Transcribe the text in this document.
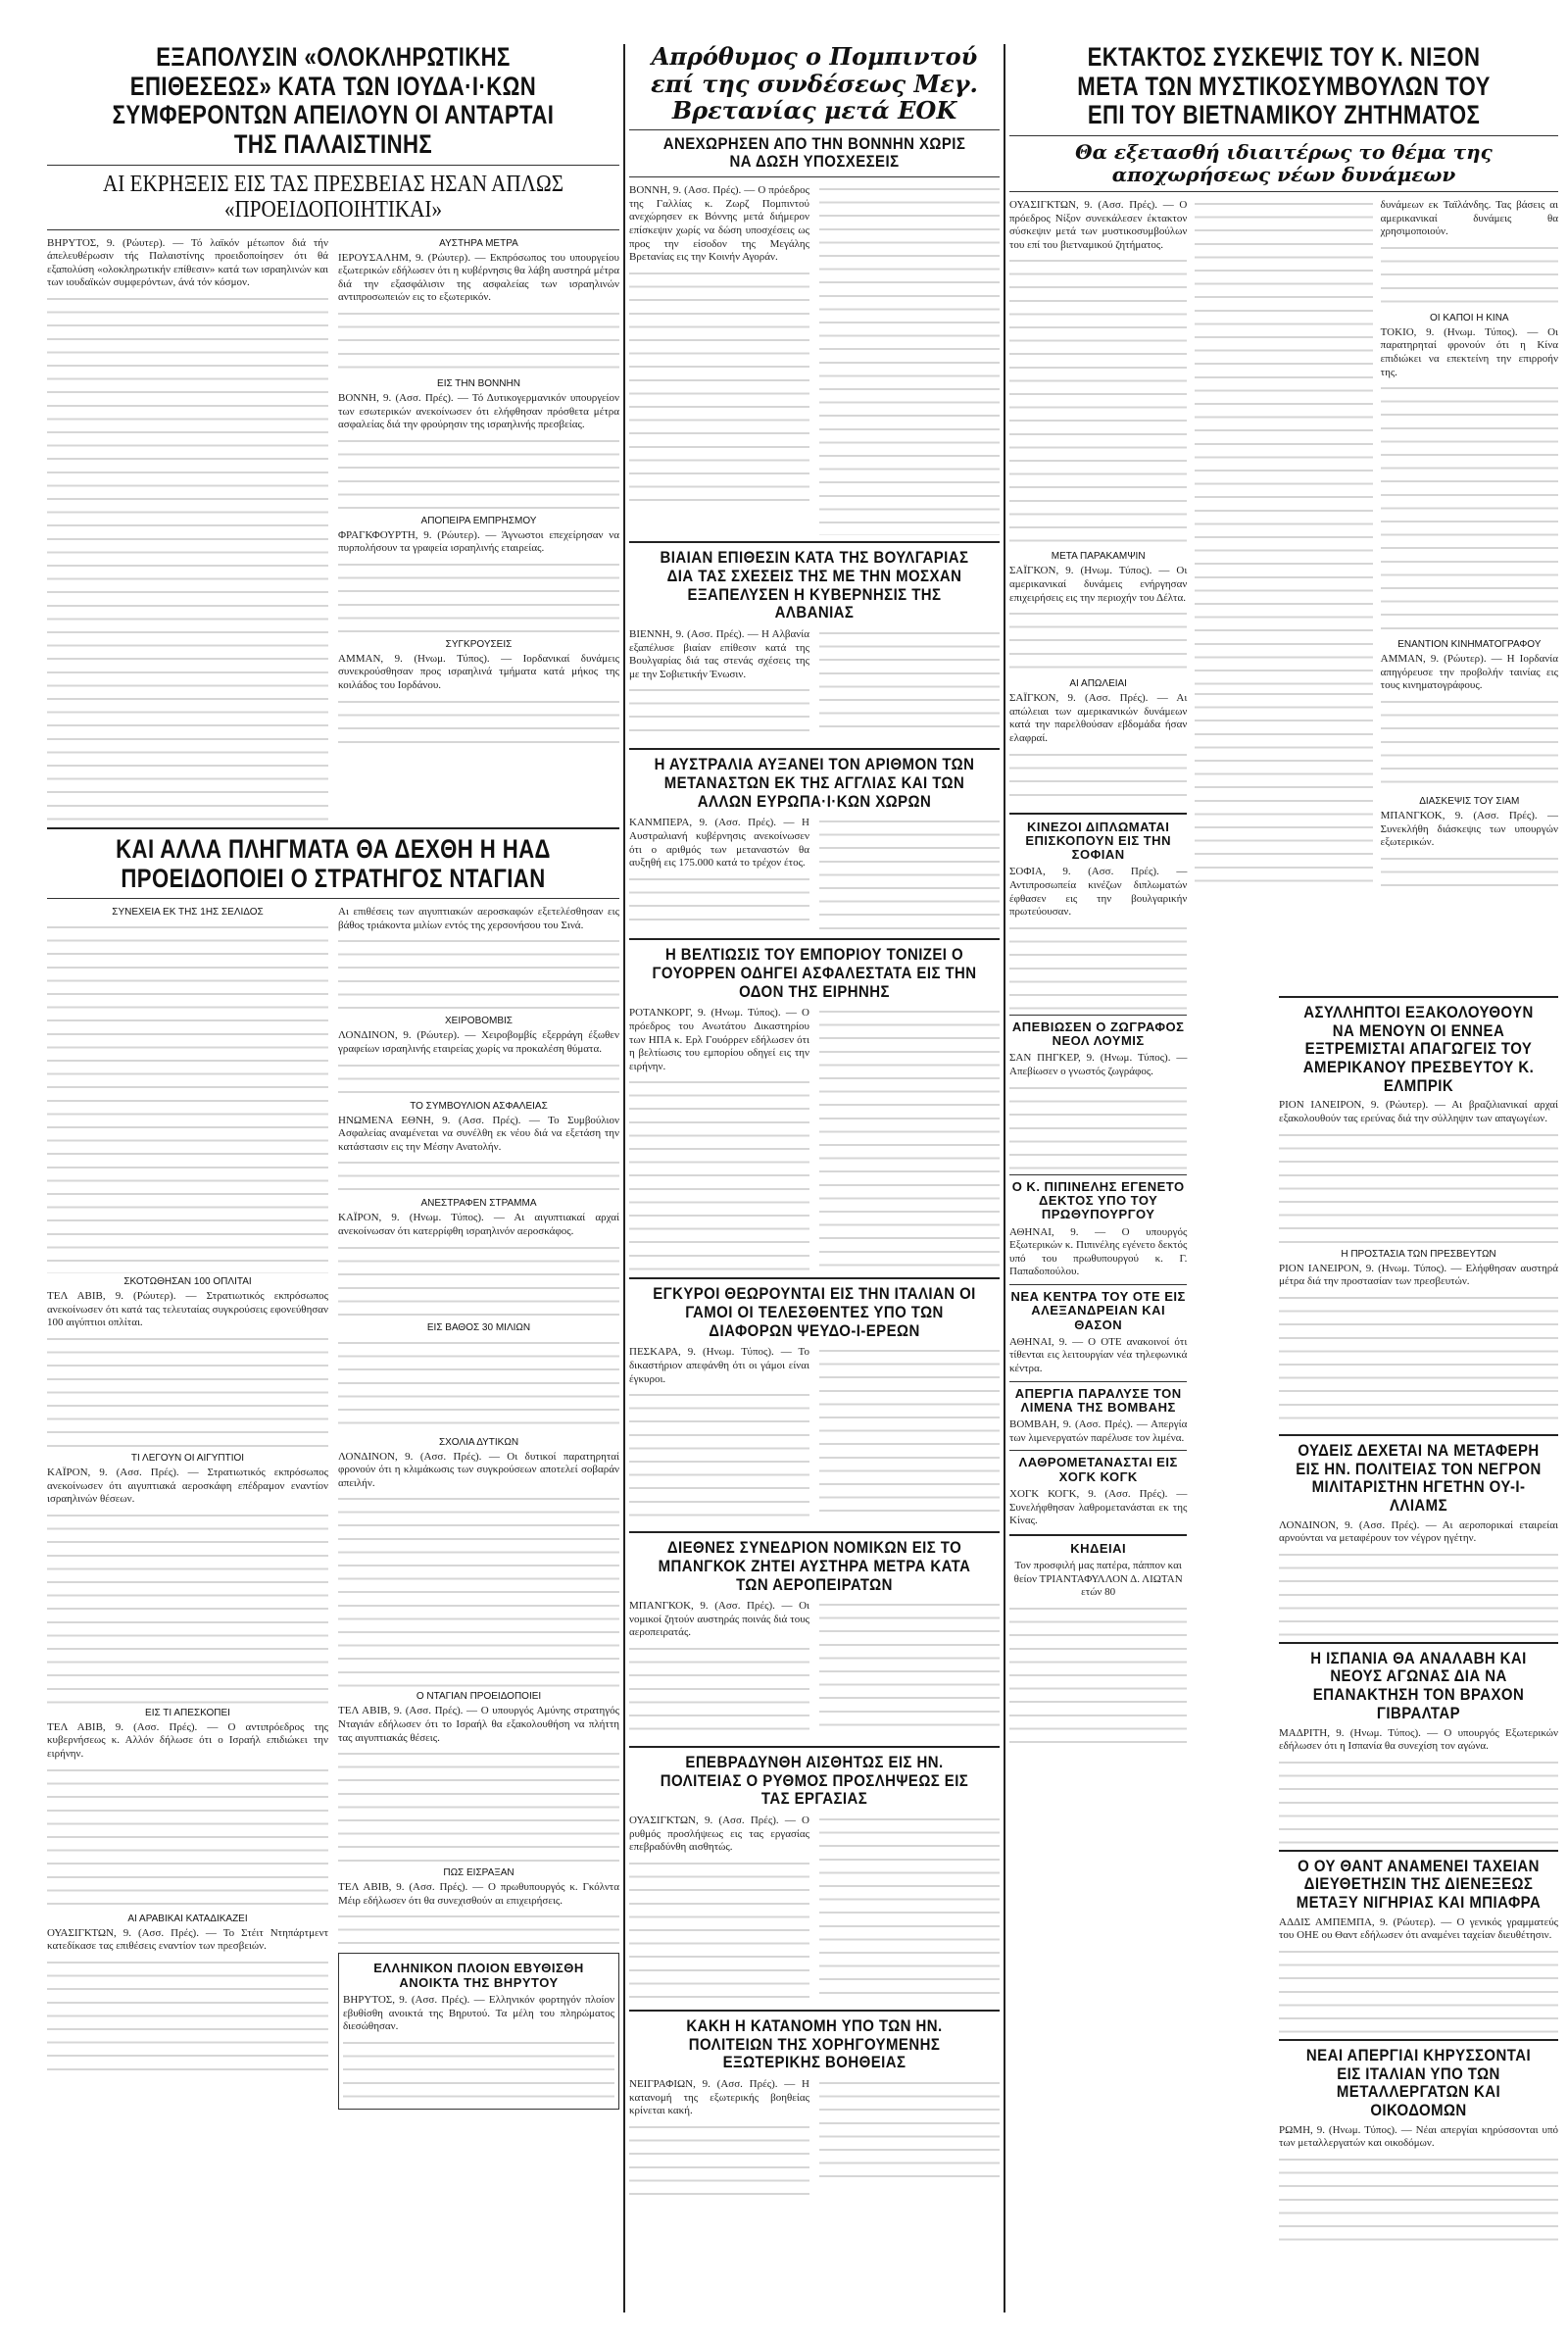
ΕΞΑΠΟΛΥΣΙΝ «ΟΛΟΚΛΗΡΩΤΙΚΗΣ ΕΠΙΘΕΣΕΩΣ» ΚΑΤΑ ΤΩΝ ΙΟΥΔΑ·Ι·ΚΩΝ ΣΥΜΦΕΡΟΝΤΩΝ ΑΠΕΙΛΟΥΝ ΟΙ ΑΝΤΑΡΤΑΙ ΤΗΣ ΠΑΛΑΙΣΤΙΝΗΣ
ΑΙ ΕΚΡΗΞΕΙΣ ΕΙΣ ΤΑΣ ΠΡΕΣΒΕΙΑΣ ΗΣΑΝ ΑΠΛΩΣ «ΠΡΟΕΙΔΟΠΟΙΗΤΙΚΑΙ»
ΒΗΡΥΤΟΣ, 9. (Ρώυτερ). — Τό λαϊκόν μέτωπον διά τήν άπελευθέρωσιν τής Παλαιστίνης προειδοποίησεν ότι θά εξαπολύση «ολοκληρωτικήν επίθεσιν» κατά των ισραηλινών και των ιουδαϊκών συμφερόντων, άνά τόν κόσμον.
ΑΥΣΤΗΡΑ ΜΕΤΡΑ
ΙΕΡΟΥΣΑΛΗΜ, 9. (Ρώυτερ). — Εκπρόσωπος του υπουργείου εξωτερικών εδήλωσεν ότι η κυβέρνησις θα λάβη αυστηρά μέτρα διά την εξασφάλισιν της ασφαλείας των ισραηλινών αντιπροσωπειών εις το εξωτερικόν.
ΕΙΣ ΤΗΝ ΒΟΝΝΗΝ
ΒΟΝΝΗ, 9. (Ασσ. Πρές). — Τό Δυτικογερμανικόν υπουργείον των εσωτερικών ανεκοίνωσεν ότι ελήφθησαν πρόσθετα μέτρα ασφαλείας διά την φρούρησιν της ισραηλινής πρεσβείας.
ΑΠΟΠΕΙΡΑ ΕΜΠΡΗΣΜΟΥ
ΦΡΑΓΚΦΟΥΡΤΗ, 9. (Ρώυτερ). — Άγνωστοι επεχείρησαν να πυρπολήσουν τα γραφεία ισραηλινής εταιρείας.
ΣΥΓΚΡΟΥΣΕΙΣ
ΑΜΜΑΝ, 9. (Ηνωμ. Τύπος). — Ιορδανικαί δυνάμεις συνεκρούσθησαν προς ισραηλινά τμήματα κατά μήκος της κοιλάδος του Ιορδάνου.
ΚΑΙ ΑΛΛΑ ΠΛΗΓΜΑΤΑ ΘΑ ΔΕΧΘΗ Η ΗΑΔ ΠΡΟΕΙΔΟΠΟΙΕΙ Ο ΣΤΡΑΤΗΓΟΣ ΝΤΑΓΙΑΝ
ΣΥΝΕΧΕΙΑ ΕΚ ΤΗΣ 1ΗΣ ΣΕΛΙΔΟΣ
ΣΚΟΤΩΘΗΣΑΝ 100 ΟΠΛΙΤΑΙ
ΤΕΛ ΑΒΙΒ, 9. (Ρώυτερ). — Στρατιωτικός εκπρόσωπος ανεκοίνωσεν ότι κατά τας τελευταίας συγκρούσεις εφονεύθησαν 100 αιγύπτιοι οπλίται.
ΤΙ ΛΕΓΟΥΝ ΟΙ ΑΙΓΥΠΤΙΟΙ
ΚΑΪΡΟΝ, 9. (Ασσ. Πρές). — Στρατιωτικός εκπρόσωπος ανεκοίνωσεν ότι αιγυπτιακά αεροσκάφη επέδραμον εναντίον ισραηλινών θέσεων.
ΕΙΣ ΤΙ ΑΠΕΣΚΟΠΕΙ
ΤΕΛ ΑΒΙΒ, 9. (Ασσ. Πρές). — Ο αντιπρόεδρος της κυβερνήσεως κ. Αλλόν δήλωσε ότι ο Ισραήλ επιδιώκει την ειρήνην.
ΑΙ ΑΡΑΒΙΚΑΙ ΚΑΤΑΔΙΚΑΖΕΙ
ΟΥΑΣΙΓΚΤΩΝ, 9. (Ασσ. Πρές). — Το Στέιτ Ντηπάρτμεντ κατεδίκασε τας επιθέσεις εναντίον των πρεσβειών.
Αι επιθέσεις των αιγυπτιακών αεροσκαφών εξετελέσθησαν εις βάθος τριάκοντα μιλίων εντός της χερσονήσου του Σινά.
ΧΕΙΡΟΒΟΜΒΙΣ
ΛΟΝΔΙΝΟΝ, 9. (Ρώυτερ). — Χειροβομβίς εξερράγη έξωθεν γραφείων ισραηλινής εταιρείας χωρίς να προκαλέση θύματα.
ΤΟ ΣΥΜΒΟΥΛΙΟΝ ΑΣΦΑΛΕΙΑΣ
ΗΝΩΜΕΝΑ ΕΘΝΗ, 9. (Ασσ. Πρές). — Το Συμβούλιον Ασφαλείας αναμένεται να συνέλθη εκ νέου διά να εξετάση την κατάστασιν εις την Μέσην Ανατολήν.
ΑΝΕΣΤΡΑΦΕΝ ΣΤΡΑΜΜΑ
ΚΑΪΡΟΝ, 9. (Ηνωμ. Τύπος). — Αι αιγυπτιακαί αρχαί ανεκοίνωσαν ότι κατερρίφθη ισραηλινόν αεροσκάφος.
ΕΙΣ ΒΑΘΟΣ 30 ΜΙΛΙΩΝ
ΣΧΟΛΙΑ ΔΥΤΙΚΩΝ
ΛΟΝΔΙΝΟΝ, 9. (Ασσ. Πρές). — Οι δυτικοί παρατηρηταί φρονούν ότι η κλιμάκωσις των συγκρούσεων αποτελεί σοβαράν απειλήν.
Ο ΝΤΑΓΙΑΝ ΠΡΟΕΙΔΟΠΟΙΕΙ
ΤΕΛ ΑΒΙΒ, 9. (Ασσ. Πρές). — Ο υπουργός Αμύνης στρατηγός Νταγιάν εδήλωσεν ότι το Ισραήλ θα εξακολουθήση να πλήττη τας αιγυπτιακάς θέσεις.
ΠΩΣ ΕΙΣΡΑΞΑΝ
ΤΕΛ ΑΒΙΒ, 9. (Ασσ. Πρές). — Ο πρωθυπουργός κ. Γκόλντα Μέιρ εδήλωσεν ότι θα συνεχισθούν αι επιχειρήσεις.
ΕΛΛΗΝΙΚΟΝ ΠΛΟΙΟΝ ΕΒΥΘΙΣΘΗ ΑΝΟΙΚΤΑ ΤΗΣ ΒΗΡΥΤΟΥ
ΒΗΡΥΤΟΣ, 9. (Ασσ. Πρές). — Ελληνικόν φορτηγόν πλοίον εβυθίσθη ανοικτά της Βηρυτού. Τα μέλη του πληρώματος διεσώθησαν.
Απρόθυμος ο Πομπιντού επί της συνδέσεως Μεγ. Βρετανίας μετά ΕΟΚ
ΑΝΕΧΩΡΗΣΕΝ ΑΠΟ ΤΗΝ ΒΟΝΝΗΝ ΧΩΡΙΣ ΝΑ ΔΩΣΗ ΥΠΟΣΧΕΣΕΙΣ
ΒΟΝΝΗ, 9. (Ασσ. Πρές). — Ο πρόεδρος της Γαλλίας κ. Ζωρζ Πομπιντού ανεχώρησεν εκ Βόννης μετά διήμερον επίσκεψιν χωρίς να δώση υποσχέσεις ως προς την είσοδον της Μεγάλης Βρετανίας εις την Κοινήν Αγοράν.
ΒΙΑΙΑΝ ΕΠΙΘΕΣΙΝ ΚΑΤΑ ΤΗΣ ΒΟΥΛΓΑΡΙΑΣ ΔΙΑ ΤΑΣ ΣΧΕΣΕΙΣ ΤΗΣ ΜΕ ΤΗΝ ΜΟΣΧΑΝ ΕΞΑΠΕΛΥΣΕΝ Η ΚΥΒΕΡΝΗΣΙΣ ΤΗΣ ΑΛΒΑΝΙΑΣ
ΒΙΕΝΝΗ, 9. (Ασσ. Πρές). — Η Αλβανία εξαπέλυσε βιαίαν επίθεσιν κατά της Βουλγαρίας διά τας στενάς σχέσεις της με την Σοβιετικήν Ένωσιν.
Η ΑΥΣΤΡΑΛΙΑ ΑΥΞΑΝΕΙ ΤΟΝ ΑΡΙΘΜΟΝ ΤΩΝ ΜΕΤΑΝΑΣΤΩΝ ΕΚ ΤΗΣ ΑΓΓΛΙΑΣ ΚΑΙ ΤΩΝ ΑΛΛΩΝ ΕΥΡΩΠΑ·Ι·ΚΩΝ ΧΩΡΩΝ
ΚΑΝΜΠΕΡΑ, 9. (Ασσ. Πρές). — Η Αυστραλιανή κυβέρνησις ανεκοίνωσεν ότι ο αριθμός των μεταναστών θα αυξηθή εις 175.000 κατά το τρέχον έτος.
Η ΒΕΛΤΙΩΣΙΣ ΤΟΥ ΕΜΠΟΡΙΟΥ ΤΟΝΙΖΕΙ Ο ΓΟΥΟΡΡΕΝ ΟΔΗΓΕΙ ΑΣΦΑΛΕΣΤΑΤΑ ΕΙΣ ΤΗΝ ΟΔΟΝ ΤΗΣ ΕΙΡΗΝΗΣ
ΡΟΤΑΝΚΟΡΓ, 9. (Ηνωμ. Τύπος). — Ο πρόεδρος του Ανωτάτου Δικαστηρίου των ΗΠΑ κ. Ερλ Γουόρρεν εδήλωσεν ότι η βελτίωσις του εμπορίου οδηγεί εις την ειρήνην.
ΕΓΚΥΡΟΙ ΘΕΩΡΟΥΝΤΑΙ ΕΙΣ ΤΗΝ ΙΤΑΛΙΑΝ ΟΙ ΓΑΜΟΙ ΟΙ ΤΕΛΕΣΘΕΝΤΕΣ ΥΠΟ ΤΩΝ ΔΙΑΦΟΡΩΝ ΨΕΥΔΟ-Ι-ΕΡΕΩΝ
ΠΕΣΚΑΡΑ, 9. (Ηνωμ. Τύπος). — Το δικαστήριον απεφάνθη ότι οι γάμοι είναι έγκυροι.
ΔΙΕΘΝΕΣ ΣΥΝΕΔΡΙΟΝ ΝΟΜΙΚΩΝ ΕΙΣ ΤΟ ΜΠΑΝΓΚΟΚ ΖΗΤΕΙ ΑΥΣΤΗΡΑ ΜΕΤΡΑ ΚΑΤΑ ΤΩΝ ΑΕΡΟΠΕΙΡΑΤΩΝ
ΜΠΑΝΓΚΟΚ, 9. (Ασσ. Πρές). — Οι νομικοί ζητούν αυστηράς ποινάς διά τους αεροπειρατάς.
ΕΠΕΒΡΑΔΥΝΘΗ ΑΙΣΘΗΤΩΣ ΕΙΣ ΗΝ. ΠΟΛΙΤΕΙΑΣ Ο ΡΥΘΜΟΣ ΠΡΟΣΛΗΨΕΩΣ ΕΙΣ ΤΑΣ ΕΡΓΑΣΙΑΣ
ΟΥΑΣΙΓΚΤΩΝ, 9. (Ασσ. Πρές). — Ο ρυθμός προσλήψεως εις τας εργασίας επεβραδύνθη αισθητώς.
ΚΑΚΗ Η ΚΑΤΑΝΟΜΗ ΥΠΟ ΤΩΝ ΗΝ. ΠΟΛΙΤΕΙΩΝ ΤΗΣ ΧΟΡΗΓΟΥΜΕΝΗΣ ΕΞΩΤΕΡΙΚΗΣ ΒΟΗΘΕΙΑΣ
ΝΕΙΓΡΑΦΙΩΝ, 9. (Ασσ. Πρές). — Η κατανομή της εξωτερικής βοηθείας κρίνεται κακή.
ΕΚΤΑΚΤΟΣ ΣΥΣΚΕΨΙΣ ΤΟΥ Κ. ΝΙΞΟΝ ΜΕΤΑ ΤΩΝ ΜΥΣΤΙΚΟΣΥΜΒΟΥΛΩΝ ΤΟΥ ΕΠΙ ΤΟΥ ΒΙΕΤΝΑΜΙΚΟΥ ΖΗΤΗΜΑΤΟΣ
Θα εξετασθή ιδιαιτέρως το θέμα της αποχωρήσεως νέων δυνάμεων
ΟΥΑΣΙΓΚΤΩΝ, 9. (Ασσ. Πρές). — Ο πρόεδρος Νίξον συνεκάλεσεν έκτακτον σύσκεψιν μετά των μυστικοσυμβούλων του επί του βιετναμικού ζητήματος.
ΜΕΤΑ ΠΑΡΑΚΑΜΨΙΝ
ΣΑΪΓΚΟΝ, 9. (Ηνωμ. Τύπος). — Οι αμερικανικαί δυνάμεις ενήργησαν επιχειρήσεις εις την περιοχήν του Δέλτα.
ΑΙ ΑΠΩΛΕΙΑΙ
ΣΑΪΓΚΟΝ, 9. (Ασσ. Πρές). — Αι απώλειαι των αμερικανικών δυνάμεων κατά την παρελθούσαν εβδομάδα ήσαν ελαφραί.
ΚΙΝΕΖΟΙ ΔΙΠΛΩΜΑΤΑΙ ΕΠΙΣΚΟΠΟΥΝ ΕΙΣ ΤΗΝ ΣΟΦΙΑΝ
ΣΟΦΙΑ, 9. (Ασσ. Πρές). — Αντιπροσωπεία κινέζων διπλωματών έφθασεν εις την βουλγαρικήν πρωτεύουσαν.
ΑΠΕΒΙΩΣΕΝ Ο ΖΩΓΡΑΦΟΣ ΝΕΟΛ ΛΟΥΜΙΣ
ΣΑΝ ΠΗΓΚΕΡ, 9. (Ηνωμ. Τύπος). — Απεβίωσεν ο γνωστός ζωγράφος.
Ο Κ. ΠΙΠΙΝΕΛΗΣ ΕΓΕΝΕΤΟ ΔΕΚΤΟΣ ΥΠΟ ΤΟΥ ΠΡΩΘΥΠΟΥΡΓΟΥ
ΑΘΗΝΑΙ, 9. — Ο υπουργός Εξωτερικών κ. Πιπινέλης εγένετο δεκτός υπό του πρωθυπουργού κ. Γ. Παπαδοπούλου.
ΝΕΑ ΚΕΝΤΡΑ ΤΟΥ ΟΤΕ ΕΙΣ ΑΛΕΞΑΝΔΡΕΙΑΝ ΚΑΙ ΘΑΣΟΝ
ΑΘΗΝΑΙ, 9. — Ο ΟΤΕ ανακοινοί ότι τίθενται εις λειτουργίαν νέα τηλεφωνικά κέντρα.
ΑΠΕΡΓΙΑ ΠΑΡΑΛΥΣΕ ΤΟΝ ΛΙΜΕΝΑ ΤΗΣ ΒΟΜΒΑΗΣ
ΒΟΜΒΑΗ, 9. (Ασσ. Πρές). — Απεργία των λιμενεργατών παρέλυσε τον λιμένα.
ΛΑΘΡΟΜΕΤΑΝΑΣΤΑΙ ΕΙΣ ΧΟΓΚ ΚΟΓΚ
ΧΟΓΚ ΚΟΓΚ, 9. (Ασσ. Πρές). — Συνελήφθησαν λαθρομετανάσται εκ της Κίνας.
ΚΗΔΕΙΑΙ
Τον προσφιλή μας πατέρα, πάππον και θείον ΤΡΙΑΝΤΑΦΥΛΛΟΝ Δ. ΛΙΩΤΑΝ ετών 80
δυνάμεων εκ Ταϊλάνδης. Τας βάσεις αι αμερικανικαί δυνάμεις θα χρησιμοποιούν.
ΟΙ ΚΑΠΟΙ Η ΚΙΝΑ
ΤΟΚΙΟ, 9. (Ηνωμ. Τύπος). — Οι παρατηρηταί φρονούν ότι η Κίνα επιδιώκει να επεκτείνη την επιρροήν της.
ΕΝΑΝΤΙΟΝ ΚΙΝΗΜΑΤΟΓΡΑΦΟΥ
ΑΜΜΑΝ, 9. (Ρώυτερ). — Η Ιορδανία απηγόρευσε την προβολήν ταινίας εις τους κινηματογράφους.
ΔΙΑΣΚΕΨΙΣ ΤΟΥ ΣΙΑΜ
ΜΠΑΝΓΚΟΚ, 9. (Ασσ. Πρές). — Συνεκλήθη διάσκεψις των υπουργών εξωτερικών.
ΑΣΥΛΛΗΠΤΟΙ ΕΞΑΚΟΛΟΥΘΟΥΝ ΝΑ ΜΕΝΟΥΝ ΟΙ ΕΝΝΕΑ ΕΞΤΡΕΜΙΣΤΑΙ ΑΠΑΓΩΓΕΙΣ ΤΟΥ ΑΜΕΡΙΚΑΝΟΥ ΠΡΕΣΒΕΥΤΟΥ Κ. ΕΛΜΠΡΙΚ
ΡΙΟΝ ΙΑΝΕΙΡΟΝ, 9. (Ρώυτερ). — Αι βραζιλιανικαί αρχαί εξακολουθούν τας ερεύνας διά την σύλληψιν των απαγωγέων.
Η ΠΡΟΣΤΑΣΙΑ ΤΩΝ ΠΡΕΣΒΕΥΤΩΝ
ΡΙΟΝ ΙΑΝΕΙΡΟΝ, 9. (Ηνωμ. Τύπος). — Ελήφθησαν αυστηρά μέτρα διά την προστασίαν των πρεσβευτών.
ΟΥΔΕΙΣ ΔΕΧΕΤΑΙ ΝΑ ΜΕΤΑΦΕΡΗ ΕΙΣ ΗΝ. ΠΟΛΙΤΕΙΑΣ ΤΟΝ ΝΕΓΡΟΝ ΜΙΛΙΤΑΡΙΣΤΗΝ ΗΓΕΤΗΝ ΟΥ-Ι-ΛΛΙΑΜΣ
ΛΟΝΔΙΝΟΝ, 9. (Ασσ. Πρές). — Αι αεροπορικαί εταιρείαι αρνούνται να μεταφέρουν τον νέγρον ηγέτην.
Η ΙΣΠΑΝΙΑ ΘΑ ΑΝΑΛΑΒΗ ΚΑΙ ΝΕΟΥΣ ΑΓΩΝΑΣ ΔΙΑ ΝΑ ΕΠΑΝΑΚΤΗΣΗ ΤΟΝ ΒΡΑΧΟΝ ΓΙΒΡΑΛΤΑΡ
ΜΑΔΡΙΤΗ, 9. (Ηνωμ. Τύπος). — Ο υπουργός Εξωτερικών εδήλωσεν ότι η Ισπανία θα συνεχίση τον αγώνα.
Ο ΟΥ ΘΑΝΤ ΑΝΑΜΕΝΕΙ ΤΑΧΕΙΑΝ ΔΙΕΥΘΕΤΗΣΙΝ ΤΗΣ ΔΙΕΝΕΞΕΩΣ ΜΕΤΑΞΥ ΝΙΓΗΡΙΑΣ ΚΑΙ ΜΠΙΑΦΡΑ
ΑΔΔΙΣ ΑΜΠΕΜΠΑ, 9. (Ρώυτερ). — Ο γενικός γραμματεύς του ΟΗΕ ου Θαντ εδήλωσεν ότι αναμένει ταχείαν διευθέτησιν.
ΝΕΑΙ ΑΠΕΡΓΙΑΙ ΚΗΡΥΣΣΟΝΤΑΙ ΕΙΣ ΙΤΑΛΙΑΝ ΥΠΟ ΤΩΝ ΜΕΤΑΛΛΕΡΓΑΤΩΝ ΚΑΙ ΟΙΚΟΔΟΜΩΝ
ΡΩΜΗ, 9. (Ηνωμ. Τύπος). — Νέαι απεργίαι κηρύσσονται υπό των μεταλλεργατών και οικοδόμων.
